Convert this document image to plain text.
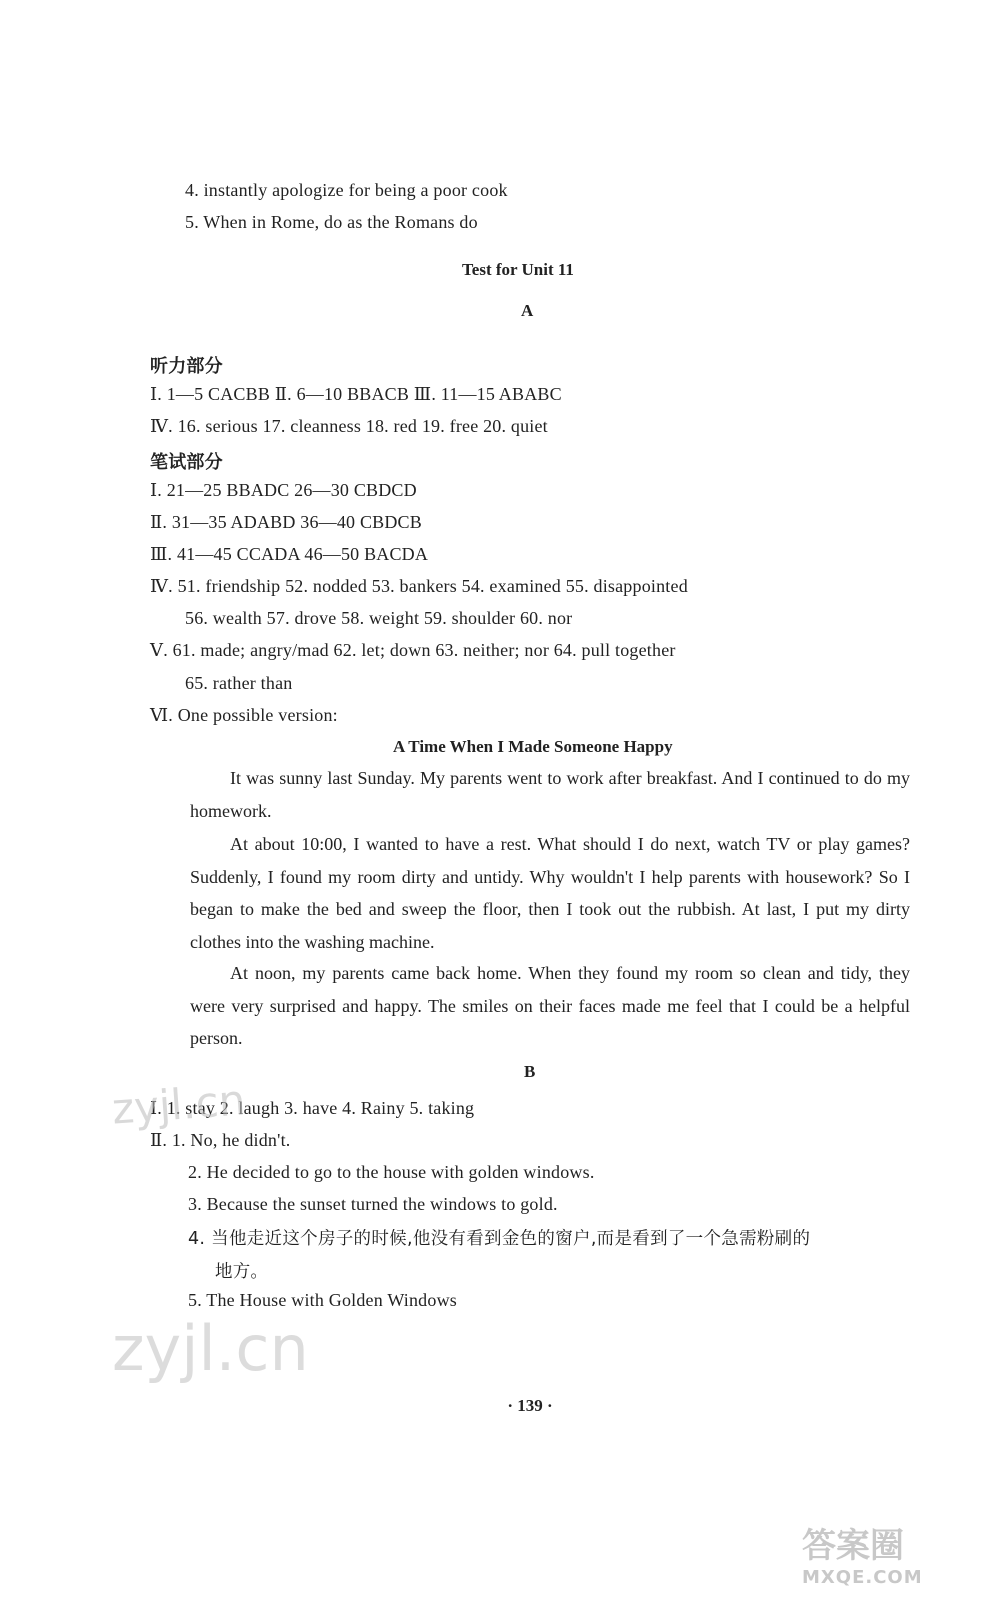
4. instantly apologize for being a poor cook
5. When in Rome, do as the Romans do
Test for Unit 11
A
听力部分
Ⅰ. 1—5 CACBB Ⅱ. 6—10 BBACB Ⅲ. 11—15 ABABC
Ⅳ. 16. serious 17. cleanness 18. red 19. free 20. quiet
笔试部分
Ⅰ. 21—25 BBADC 26—30 CBDCD
Ⅱ. 31—35 ADABD 36—40 CBDCB
Ⅲ. 41—45 CCADA 46—50 BACDA
Ⅳ. 51. friendship 52. nodded 53. bankers 54. examined 55. disappointed
56. wealth 57. drove 58. weight 59. shoulder 60. nor
Ⅴ. 61. made; angry/mad 62. let; down 63. neither; nor 64. pull together
65. rather than
Ⅵ. One possible version:
A Time When I Made Someone Happy
It was sunny last Sunday. My parents went to work after breakfast. And I continued to do my homework.
At about 10:00, I wanted to have a rest. What should I do next, watch TV or play games? Suddenly, I found my room dirty and untidy. Why wouldn't I help parents with housework? So I began to make the bed and sweep the floor, then I took out the rubbish. At last, I put my dirty clothes into the washing machine.
At noon, my parents came back home. When they found my room so clean and tidy, they were very surprised and happy. The smiles on their faces made me feel that I could be a helpful person.
B
Ⅰ. 1. stay 2. laugh 3. have 4. Rainy 5. taking
Ⅱ. 1. No, he didn't.
2. He decided to go to the house with golden windows.
3. Because the sunset turned the windows to gold.
4. 当他走近这个房子的时候,他没有看到金色的窗户,而是看到了一个急需粉刷的
地方。
5. The House with Golden Windows
· 139 ·
zyjl.cn
zyjl.cn
答案圈
MXQE.COM
